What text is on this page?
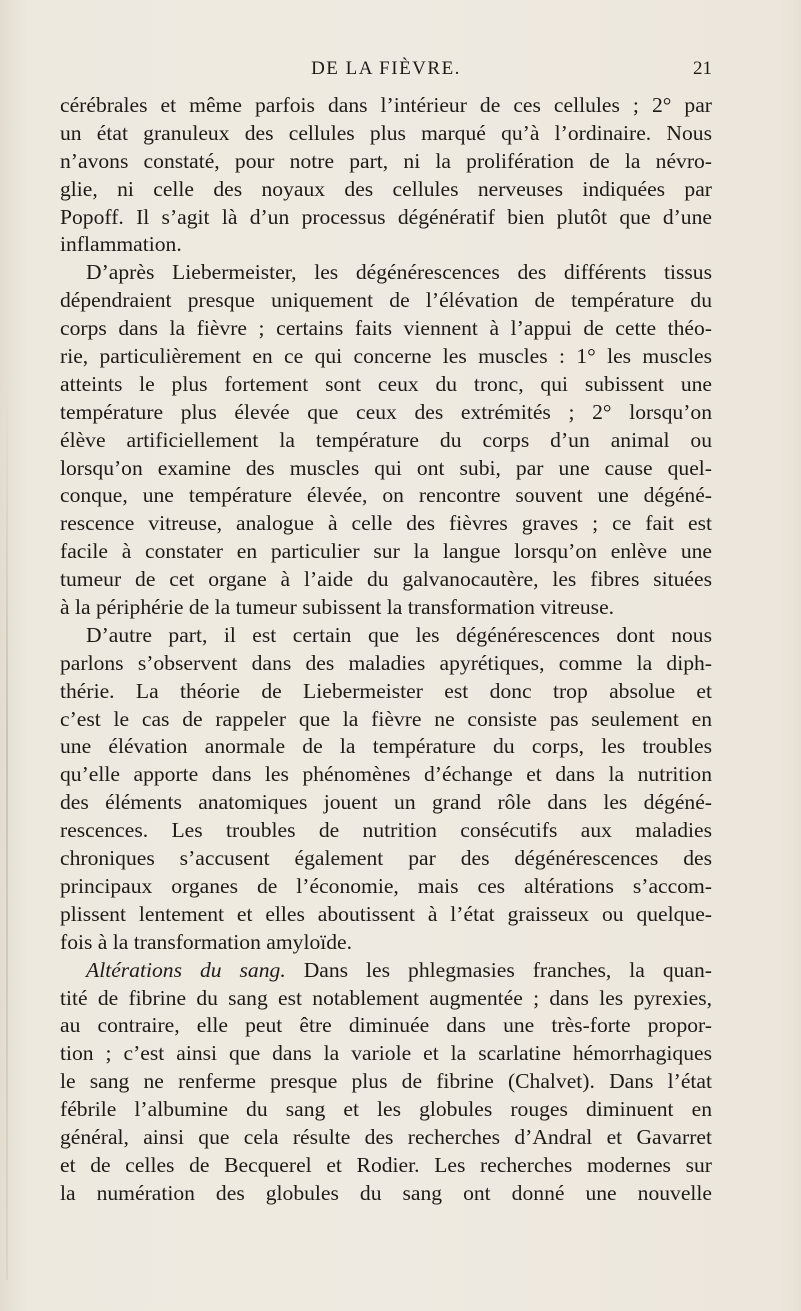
DE LA FIÈVRE.	21
cérébrales et même parfois dans l’intérieur de ces cellules ; 2° par
un état granuleux des cellules plus marqué qu’à l’ordinaire. Nous
n’avons constaté, pour notre part, ni la prolifération de la névro-
glie, ni celle des noyaux des cellules nerveuses indiquées par
Popoff. Il s’agit là d’un processus dégénératif bien plutôt que d’une
inflammation.
D’après Liebermeister, les dégénérescences des différents tissus
dépendraient presque uniquement de l’élévation de température du
corps dans la fièvre ; certains faits viennent à l’appui de cette théo-
rie, particulièrement en ce qui concerne les muscles : 1° les muscles
atteints le plus fortement sont ceux du tronc, qui subissent une
température plus élevée que ceux des extrémités ; 2° lorsqu’on
élève artificiellement la température du corps d’un animal ou
lorsqu’on examine des muscles qui ont subi, par une cause quel-
conque, une température élevée, on rencontre souvent une dégéné-
rescence vitreuse, analogue à celle des fièvres graves ; ce fait est
facile à constater en particulier sur la langue lorsqu’on enlève une
tumeur de cet organe à l’aide du galvanocautère, les fibres situées
à la périphérie de la tumeur subissent la transformation vitreuse.
D’autre part, il est certain que les dégénérescences dont nous
parlons s’observent dans des maladies apyrétiques, comme la diph-
thérie. La théorie de Liebermeister est donc trop absolue et
c’est le cas de rappeler que la fièvre ne consiste pas seulement en
une élévation anormale de la température du corps, les troubles
qu’elle apporte dans les phénomènes d’échange et dans la nutrition
des éléments anatomiques jouent un grand rôle dans les dégéné-
rescences. Les troubles de nutrition consécutifs aux maladies
chroniques s’accusent également par des dégénérescences des
principaux organes de l’économie, mais ces altérations s’accom-
plissent lentement et elles aboutissent à l’état graisseux ou quelque-
fois à la transformation amyloïde.
Altérations du sang. Dans les phlegmasies franches, la quan-
tité de fibrine du sang est notablement augmentée ; dans les pyrexies,
au contraire, elle peut être diminuée dans une très-forte propor-
tion ; c’est ainsi que dans la variole et la scarlatine hémorrhagiques
le sang ne renferme presque plus de fibrine (Chalvet). Dans l’état
fébrile l’albumine du sang et les globules rouges diminuent en
général, ainsi que cela résulte des recherches d’Andral et Gavarret
et de celles de Becquerel et Rodier. Les recherches modernes sur
la numération des globules du sang ont donné une nouvelle
